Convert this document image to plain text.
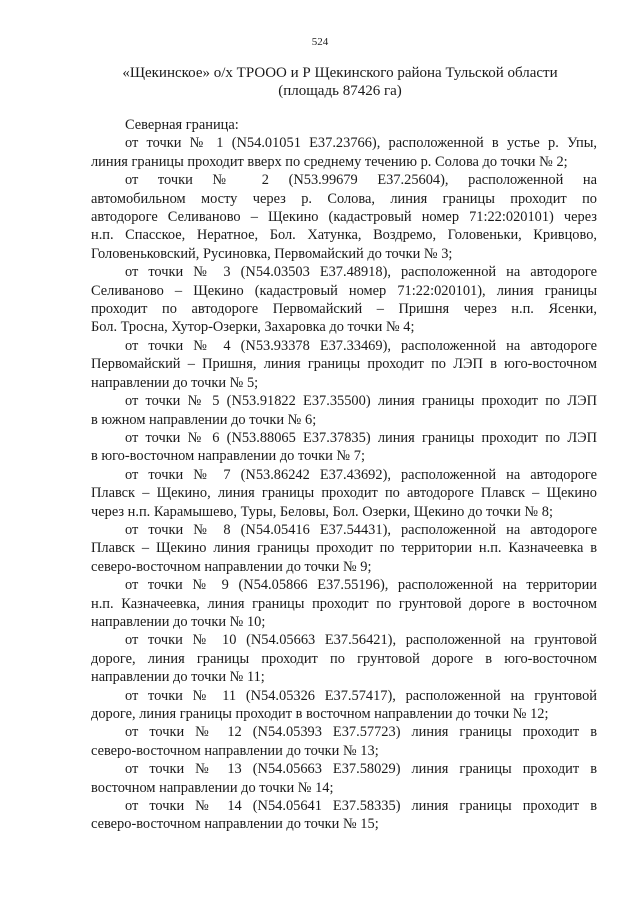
524
«Щекинское» о/х ТРООО и Р Щекинского района Тульской области
(площадь 87426 га)

Северная граница:

от точки № 1 (N54.01051 E37.23766), расположенной в устье р. Упы,
линия границы проходит вверх по среднему течению р. Солова до точки № 2;
от точки № 2 (N53.99679 E37.25604), расположенной на
автомобильном мосту через р. Солова, линия границы проходит по
автодороге Селиваново – Щекино (кадастровый номер 71:22:020101) через
н.п. Спасское, Нератное, Бол. Хатунка, Воздремо, Головеньки, Кривцово,
Головеньковский, Русиновка, Первомайский до точки № 3;
от точки № 3 (N54.03503 E37.48918), расположенной на автодороге
Селиваново – Щекино (кадастровый номер 71:22:020101), линия границы
проходит по автодороге Первомайский – Пришня через н.п. Ясенки,
Бол. Тросна, Хутор-Озерки, Захаровка до точки № 4;
от точки № 4 (N53.93378 E37.33469), расположенной на автодороге
Первомайский – Пришня, линия границы проходит по ЛЭП в юго-восточном
направлении до точки № 5;
от точки № 5 (N53.91822 E37.35500) линия границы проходит по ЛЭП
в южном направлении до точки № 6;
от точки № 6 (N53.88065 E37.37835) линия границы проходит по ЛЭП
в юго-восточном направлении до точки № 7;
от точки № 7 (N53.86242 E37.43692), расположенной на автодороге
Плавск – Щекино, линия границы проходит по автодороге Плавск – Щекино
через н.п. Карамышево, Туры, Беловы, Бол. Озерки, Щекино до точки № 8;
от точки № 8 (N54.05416 E37.54431), расположенной на автодороге
Плавск – Щекино линия границы проходит по территории н.п. Казначеевка в
северо-восточном направлении до точки № 9;
от точки № 9 (N54.05866 E37.55196), расположенной на территории
н.п. Казначеевка, линия границы проходит по грунтовой дороге в восточном
направлении до точки № 10;
от точки № 10 (N54.05663 E37.56421), расположенной на грунтовой
дороге, линия границы проходит по грунтовой дороге в юго-восточном
направлении до точки № 11;
от точки № 11 (N54.05326 E37.57417), расположенной на грунтовой
дороге, линия границы проходит в восточном направлении до точки № 12;
от точки № 12 (N54.05393 E37.57723) линия границы проходит в
северо-восточном направлении до точки № 13;
от точки № 13 (N54.05663 E37.58029) линия границы проходит в
восточном направлении до точки № 14;
от точки № 14 (N54.05641 E37.58335) линия границы проходит в
северо-восточном направлении до точки № 15;
